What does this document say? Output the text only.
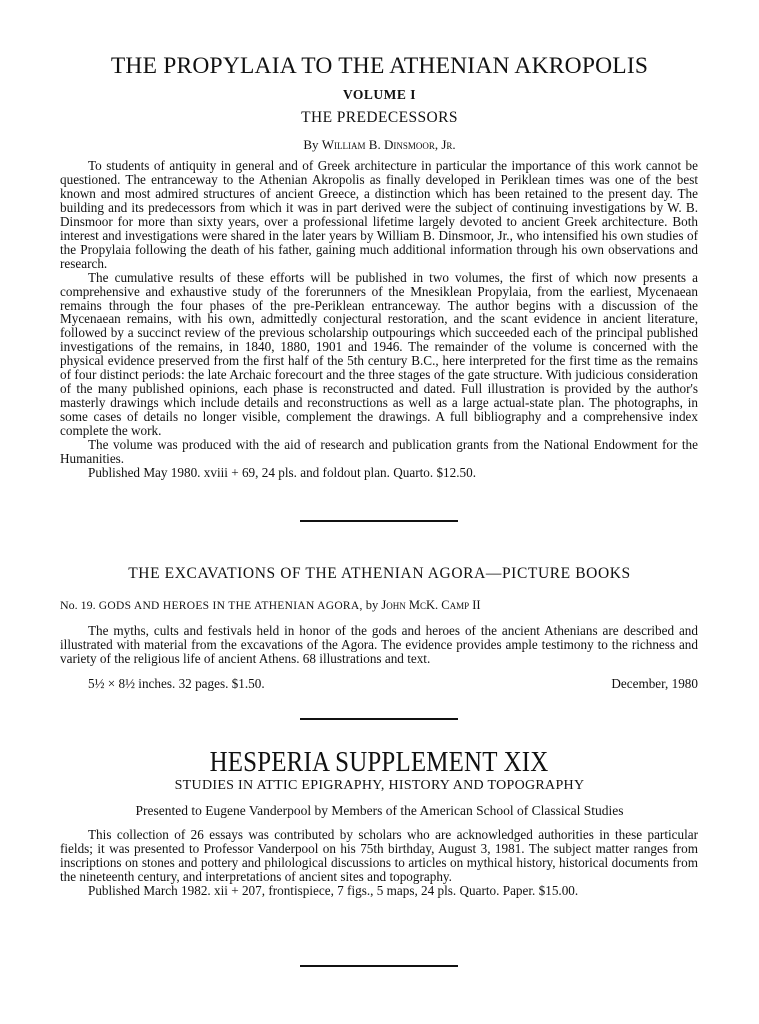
THE PROPYLAIA TO THE ATHENIAN AKROPOLIS
VOLUME I
THE PREDECESSORS
By William B. Dinsmoor, Jr.

To students of antiquity in general and of Greek architecture in particular the importance of this work cannot be questioned. The entranceway to the Athenian Akropolis as finally developed in Periklean times was one of the best known and most admired structures of ancient Greece, a distinction which has been retained to the present day. The building and its predecessors from which it was in part derived were the subject of continuing investigations by W. B. Dinsmoor for more than sixty years, over a professional lifetime largely devoted to ancient Greek architecture. Both interest and investigations were shared in the later years by William B. Dinsmoor, Jr., who intensified his own studies of the Propylaia following the death of his father, gaining much additional information through his own observations and research.

The cumulative results of these efforts will be published in two volumes, the first of which now presents a comprehensive and exhaustive study of the forerunners of the Mnesiklean Propylaia, from the earliest, Mycenaean remains through the four phases of the pre-Periklean entranceway. The author begins with a discussion of the Mycenaean remains, with his own, admittedly conjectural restoration, and the scant evidence in ancient literature, followed by a succinct review of the previous scholarship outpourings which succeeded each of the principal published investigations of the remains, in 1840, 1880, 1901 and 1946. The remainder of the volume is concerned with the physical evidence preserved from the first half of the 5th century B.C., here interpreted for the first time as the remains of four distinct periods: the late Archaic forecourt and the three stages of the gate structure. With judicious consideration of the many published opinions, each phase is reconstructed and dated. Full illustration is provided by the author's masterly drawings which include details and reconstructions as well as a large actual-state plan. The photographs, in some cases of details no longer visible, complement the drawings. A full bibliography and a comprehensive index complete the work.

The volume was produced with the aid of research and publication grants from the National Endowment for the Humanities.

Published May 1980. xviii + 69, 24 pls. and foldout plan. Quarto. $12.50.

THE EXCAVATIONS OF THE ATHENIAN AGORA—PICTURE BOOKS
No. 19. GODS AND HEROES IN THE ATHENIAN AGORA, by John McK. Camp II

The myths, cults and festivals held in honor of the gods and heroes of the ancient Athenians are described and illustrated with material from the excavations of the Agora. The evidence provides ample testimony to the richness and variety of the religious life of ancient Athens. 68 illustrations and text.

5½ × 8½ inches. 32 pages. $1.50.	December, 1980
HESPERIA SUPPLEMENT XIX
STUDIES IN ATTIC EPIGRAPHY, HISTORY AND TOPOGRAPHY
Presented to Eugene Vanderpool by Members of the American School of Classical Studies

This collection of 26 essays was contributed by scholars who are acknowledged authorities in these particular fields; it was presented to Professor Vanderpool on his 75th birthday, August 3, 1981. The subject matter ranges from inscriptions on stones and pottery and philological discussions to articles on mythical history, historical documents from the nineteenth century, and interpretations of ancient sites and topography.

Published March 1982. xii + 207, frontispiece, 7 figs., 5 maps, 24 pls. Quarto. Paper. $15.00.
